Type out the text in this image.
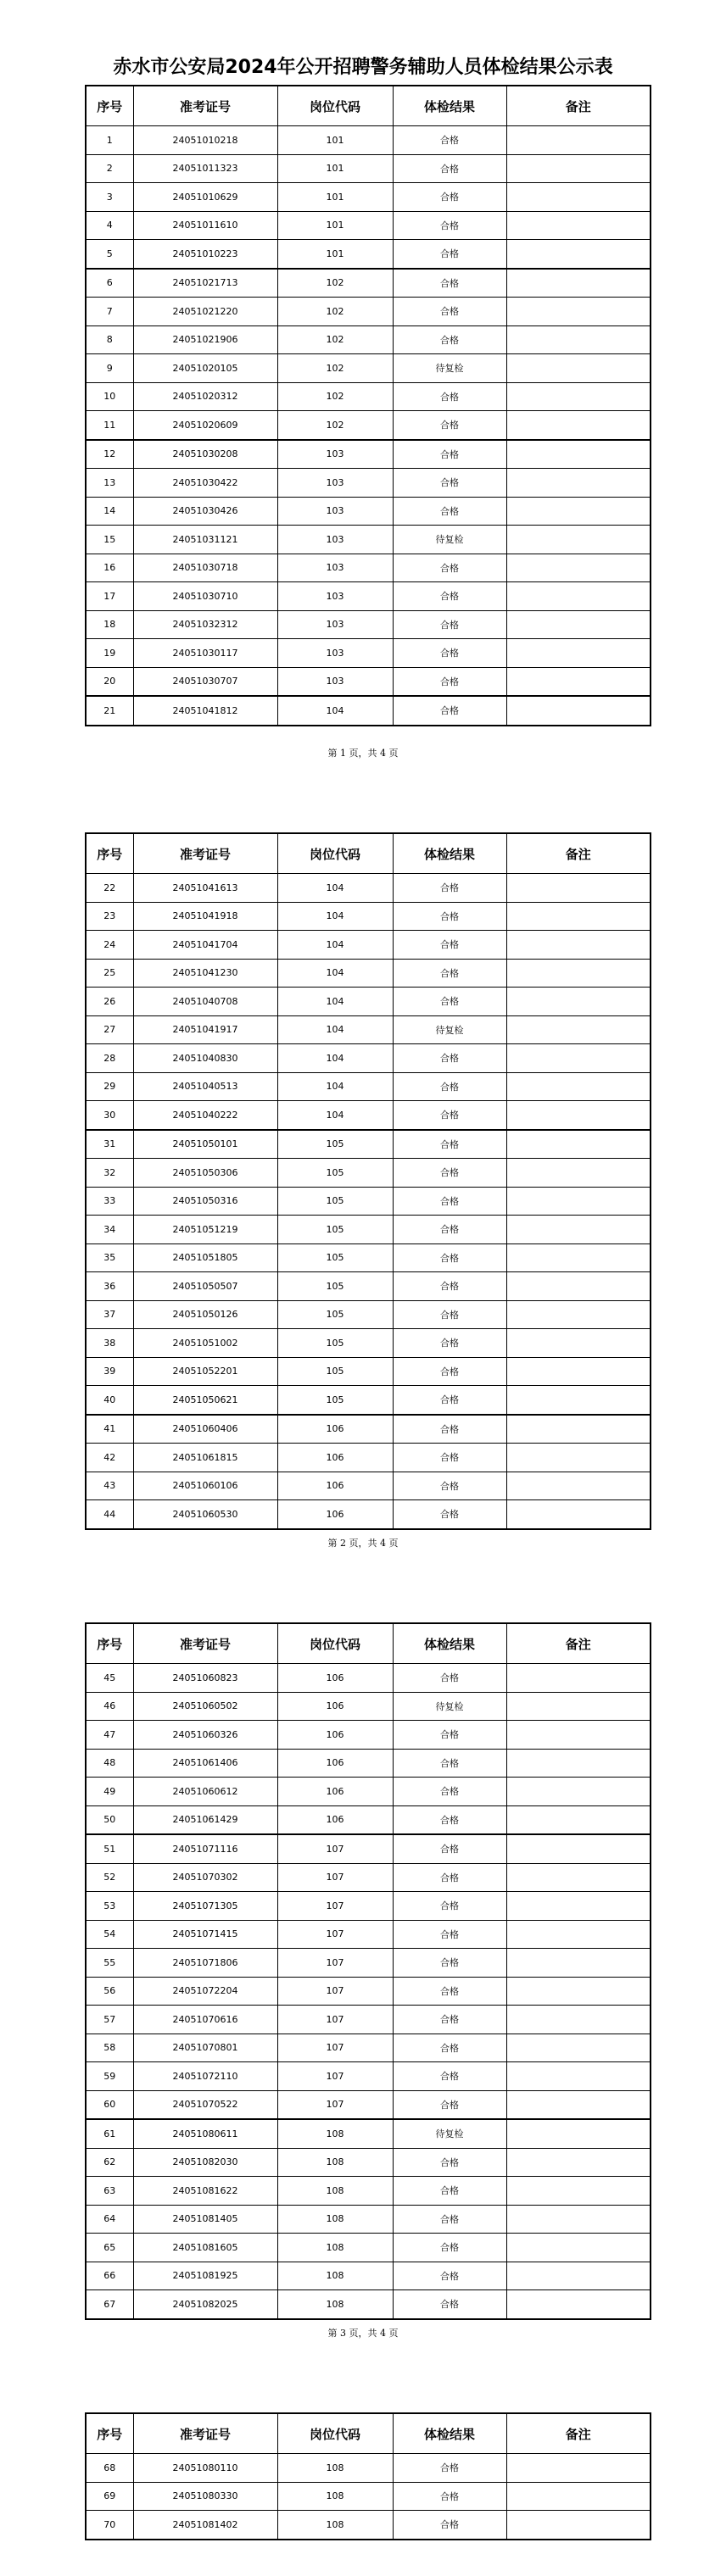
赤水市公安局2024年公开招聘警务辅助人员体检结果公示表
序号	准考证号	岗位代码	体检结果	备注
1	24051010218	101	合格	
2	24051011323	101	合格	
3	24051010629	101	合格	
4	24051011610	101	合格	
5	24051010223	101	合格	
6	24051021713	102	合格	
7	24051021220	102	合格	
8	24051021906	102	合格	
9	24051020105	102	待复检	
10	24051020312	102	合格	
11	24051020609	102	合格	
12	24051030208	103	合格	
13	24051030422	103	合格	
14	24051030426	103	合格	
15	24051031121	103	待复检	
16	24051030718	103	合格	
17	24051030710	103	合格	
18	24051032312	103	合格	
19	24051030117	103	合格	
20	24051030707	103	合格	
21	24051041812	104	合格	
第 1 页，共 4 页
序号	准考证号	岗位代码	体检结果	备注
22	24051041613	104	合格	
23	24051041918	104	合格	
24	24051041704	104	合格	
25	24051041230	104	合格	
26	24051040708	104	合格	
27	24051041917	104	待复检	
28	24051040830	104	合格	
29	24051040513	104	合格	
30	24051040222	104	合格	
31	24051050101	105	合格	
32	24051050306	105	合格	
33	24051050316	105	合格	
34	24051051219	105	合格	
35	24051051805	105	合格	
36	24051050507	105	合格	
37	24051050126	105	合格	
38	24051051002	105	合格	
39	24051052201	105	合格	
40	24051050621	105	合格	
41	24051060406	106	合格	
42	24051061815	106	合格	
43	24051060106	106	合格	
44	24051060530	106	合格	
第 2 页，共 4 页
序号	准考证号	岗位代码	体检结果	备注
45	24051060823	106	合格	
46	24051060502	106	待复检	
47	24051060326	106	合格	
48	24051061406	106	合格	
49	24051060612	106	合格	
50	24051061429	106	合格	
51	24051071116	107	合格	
52	24051070302	107	合格	
53	24051071305	107	合格	
54	24051071415	107	合格	
55	24051071806	107	合格	
56	24051072204	107	合格	
57	24051070616	107	合格	
58	24051070801	107	合格	
59	24051072110	107	合格	
60	24051070522	107	合格	
61	24051080611	108	待复检	
62	24051082030	108	合格	
63	24051081622	108	合格	
64	24051081405	108	合格	
65	24051081605	108	合格	
66	24051081925	108	合格	
67	24051082025	108	合格	
第 3 页，共 4 页
序号	准考证号	岗位代码	体检结果	备注
68	24051080110	108	合格	
69	24051080330	108	合格	
70	24051081402	108	合格	
